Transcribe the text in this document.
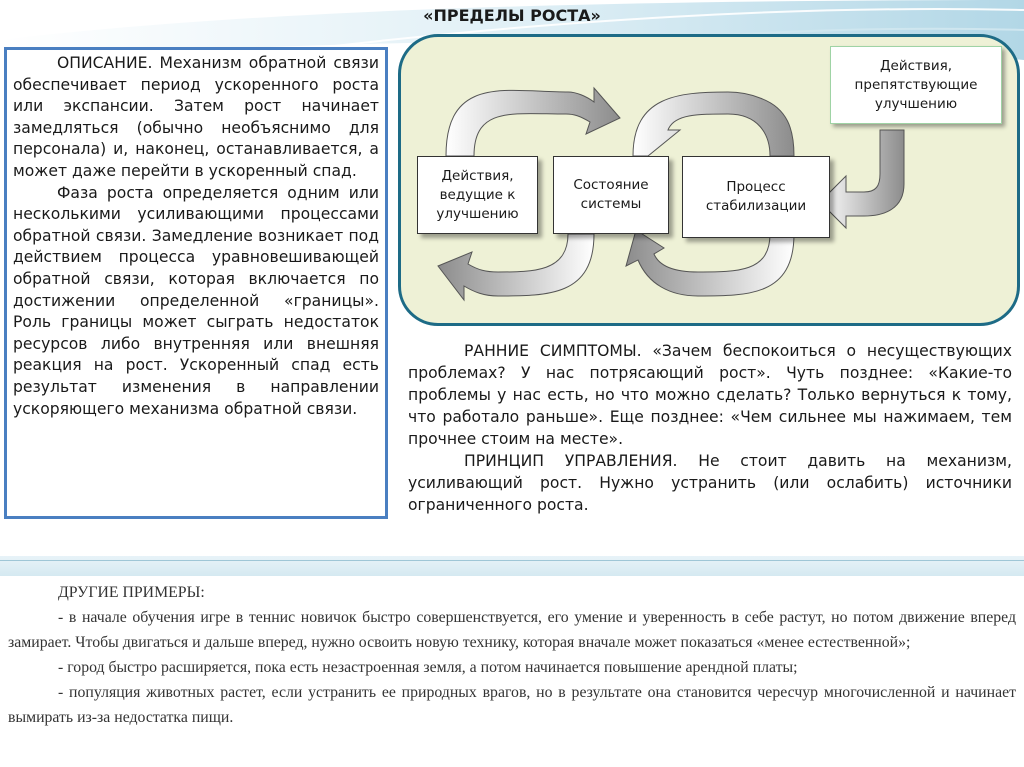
«ПРЕДЕЛЫ РОСТА»

ОПИСАНИЕ. Механизм обратной связи обеспечивает период ускоренного роста или экспансии. Затем рост начинает замедляться (обычно необъяснимо для персонала) и, наконец, останавливается, а может даже перейти в ускоренный спад.

Фаза роста определяется одним или несколькими усиливающими процессами обратной связи. Замедление возникает под действием процесса уравновешивающей обратной связи, которая включается по достижении определенной «границы». Роль границы может сыграть недостаток ресурсов либо внутренняя или внешняя реакция на рост. Ускоренный спад есть результат изменения в направлении ускоряющего механизма обратной связи.

Действия, ведущие к улучшению
Состояние системы
Процесс стабилизации
Действия, препятствующие улучшению

РАННИЕ СИМПТОМЫ. «Зачем беспокоиться о несуществующих проблемах? У нас потрясающий рост». Чуть позднее: «Какие-то проблемы у нас есть, но что можно сделать? Только вернуться к тому, что работало раньше». Еще позднее: «Чем сильнее мы нажимаем, тем прочнее стоим на месте».

ПРИНЦИП УПРАВЛЕНИЯ. Не стоит давить на механизм, усиливающий рост. Нужно устранить (или ослабить) источники ограниченного роста.

ДРУГИЕ ПРИМЕРЫ:

- в начале обучения игре в теннис новичок быстро совершенствуется, его умение и уверенность в себе растут, но потом движение вперед замирает. Чтобы двигаться и дальше вперед, нужно освоить новую технику, которая вначале может показаться «менее естественной»;

- город быстро расширяется, пока есть незастроенная земля, а потом начинается повышение арендной платы;

- популяция животных растет, если устранить ее природных врагов, но в результате она становится чересчур многочисленной и начинает вымирать из-за недостатка пищи.
